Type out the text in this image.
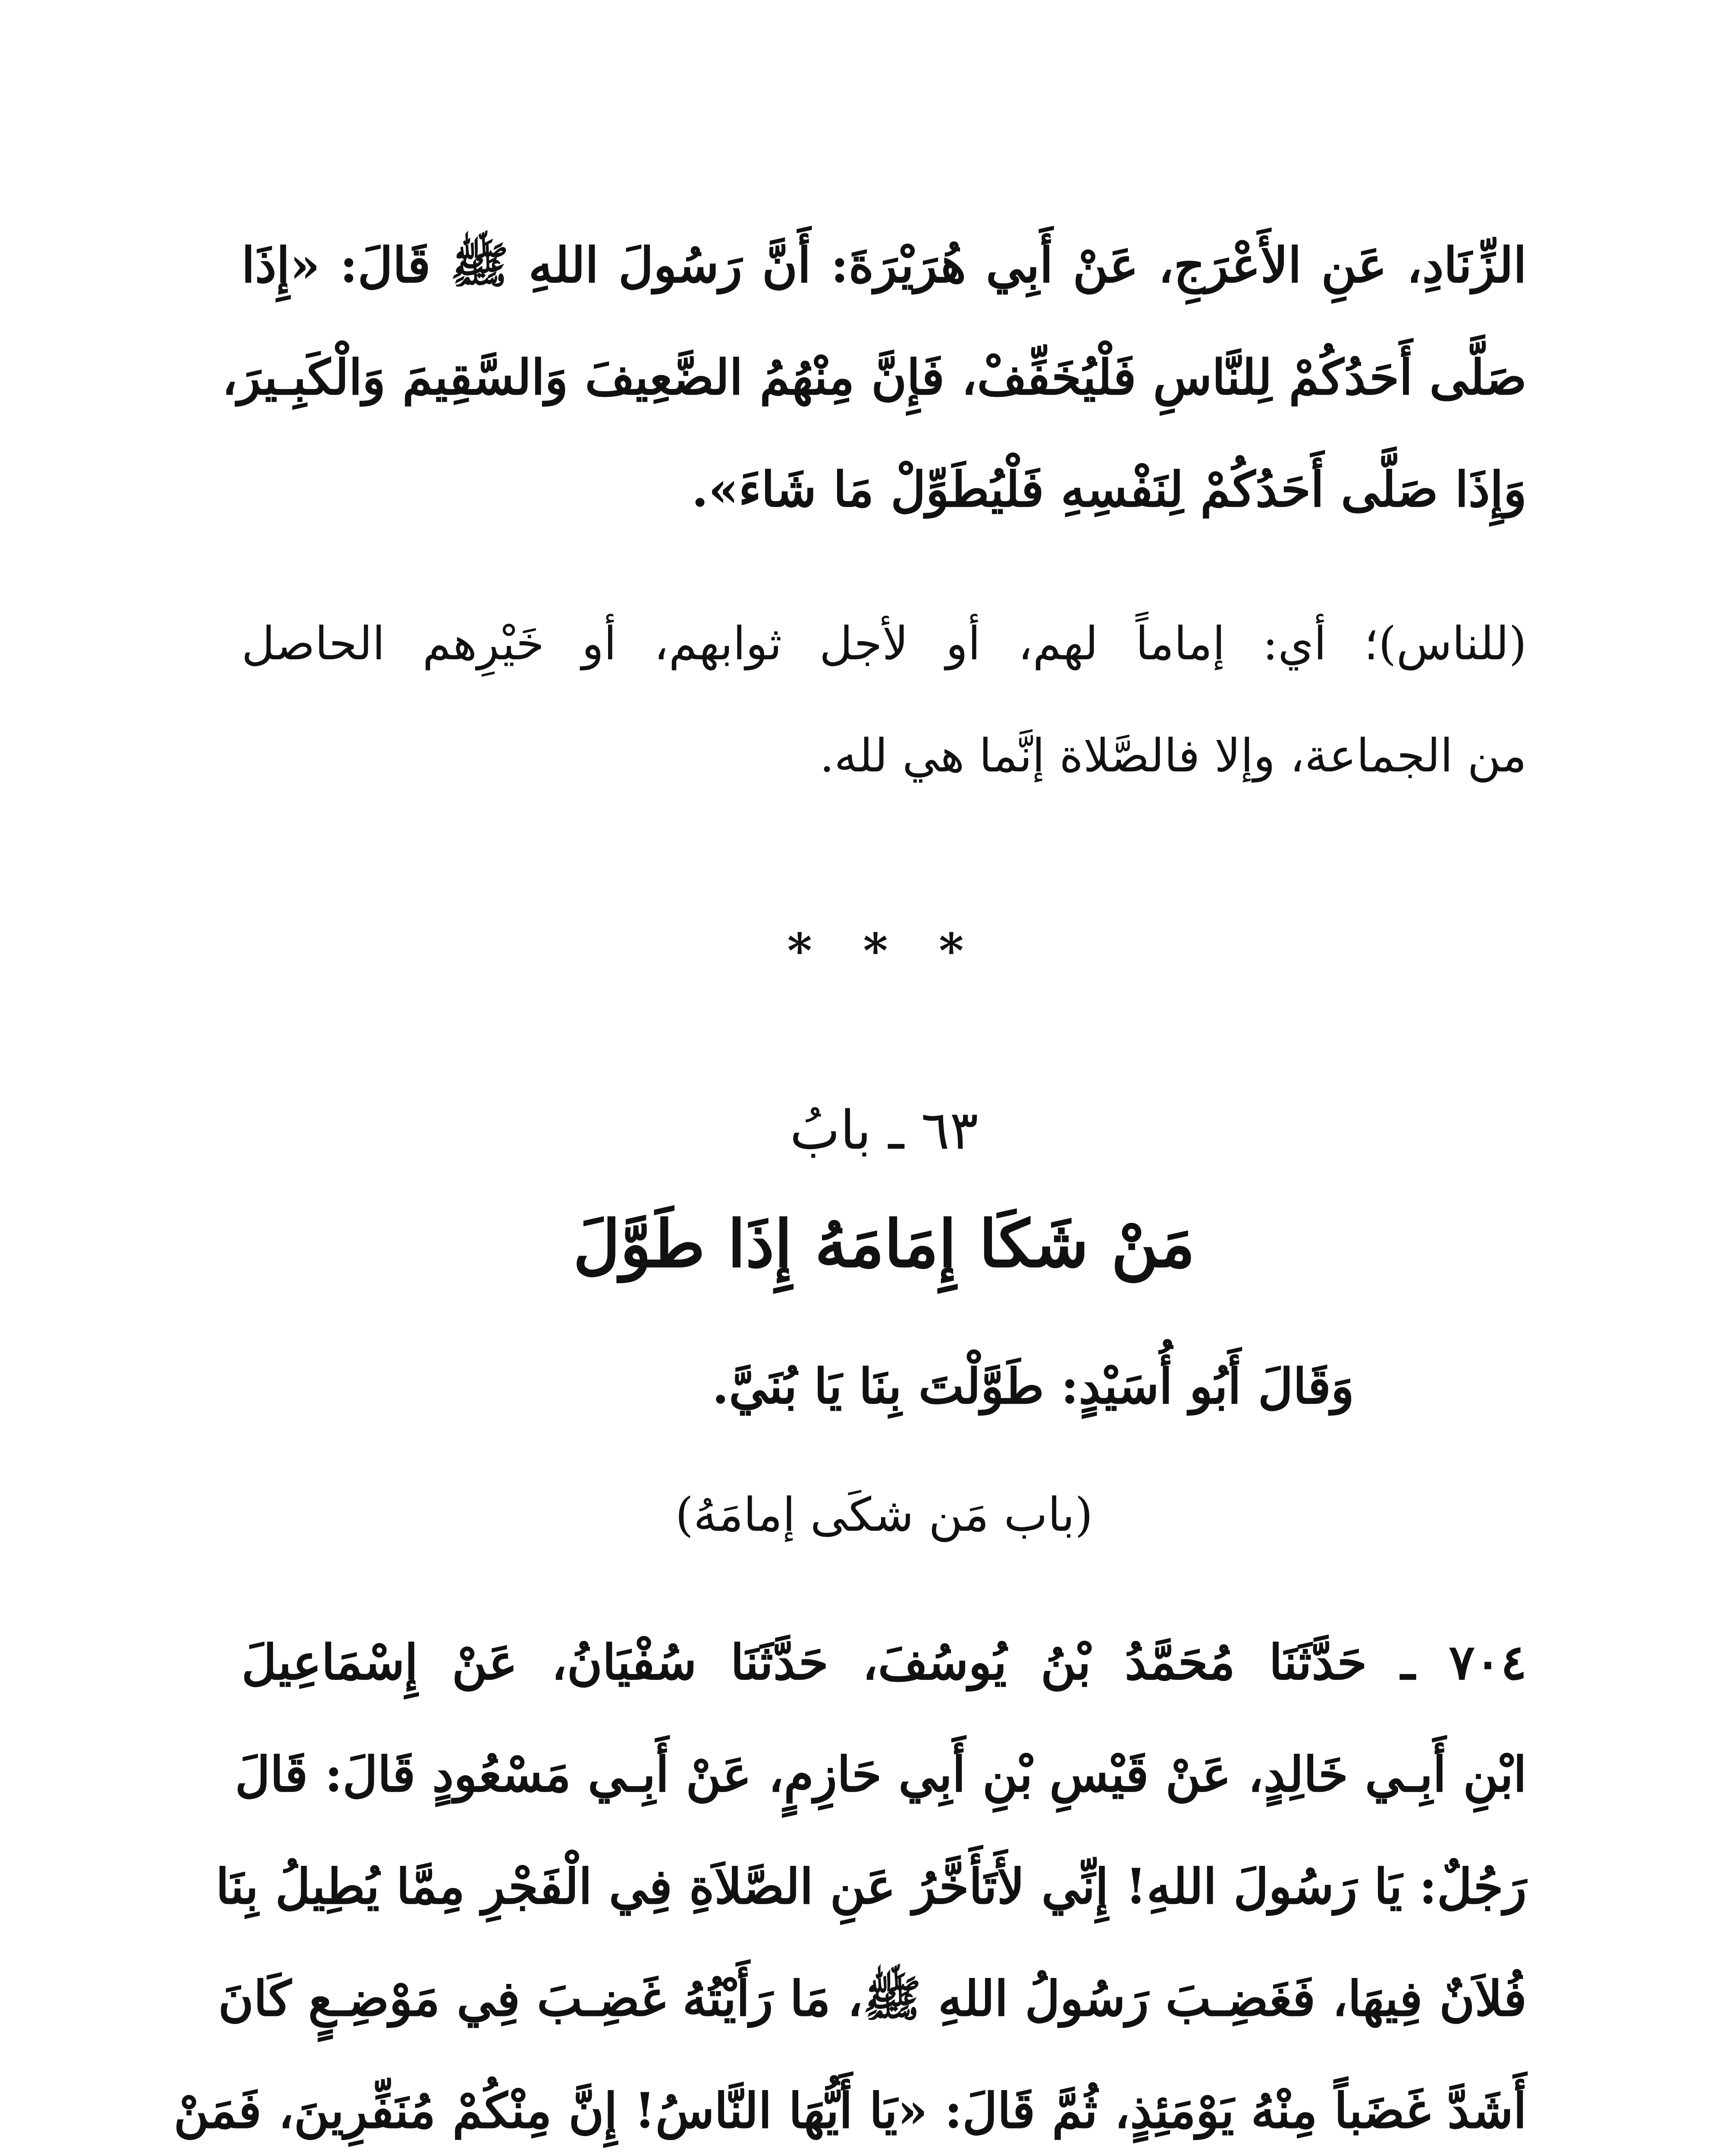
الزِّنَادِ، عَنِ الأَعْرَجِ، عَنْ أَبِي هُرَيْرَةَ: أَنَّ رَسُولَ اللهِ ﷺ قَالَ: «إِذَا
صَلَّى أَحَدُكُمْ لِلنَّاسِ فَلْيُخَفِّفْ، فَإِنَّ مِنْهُمُ الضَّعِيفَ وَالسَّقِيمَ وَالْكَبِـيرَ،
وَإِذَا صَلَّى أَحَدُكُمْ لِنَفْسِهِ فَلْيُطَوِّلْ مَا شَاءَ».
(للناس)؛ أي: إماماً لهم، أو لأجل ثوابهم، أو خَيْرِهم الحاصل
من الجماعة، وإلا فالصَّلاة إنَّما هي لله.
* * *
٦٣ ـ بابُ
مَنْ شَكَا إِمَامَهُ إِذَا طَوَّلَ
وَقَالَ أَبُو أُسَيْدٍ: طَوَّلْتَ بِنَا يَا بُنَيَّ.
(باب مَن شكَى إمامَهُ)
٧٠٤ ـ حَدَّثَنَا مُحَمَّدُ بْنُ يُوسُفَ، حَدَّثَنَا سُفْيَانُ، عَنْ إِسْمَاعِيلَ
ابْنِ أَبِـي خَالِدٍ، عَنْ قَيْسِ بْنِ أَبِي حَازِمٍ، عَنْ أَبِـي مَسْعُودٍ قَالَ: قَالَ
رَجُلٌ: يَا رَسُولَ اللهِ! إِنِّي لأَتَأَخَّرُ عَنِ الصَّلاَةِ فِي الْفَجْرِ مِمَّا يُطِيلُ بِنَا
فُلاَنٌ فِيهَا، فَغَضِـبَ رَسُولُ اللهِ ﷺ، مَا رَأَيْتُهُ غَضِـبَ فِي مَوْضِـعٍ كَانَ
أَشَدَّ غَضَباً مِنْهُ يَوْمَئِذٍ، ثُمَّ قَالَ: «يَا أَيُّهَا النَّاسُ! إِنَّ مِنْكُمْ مُنَفِّرِينَ، فَمَنْ
